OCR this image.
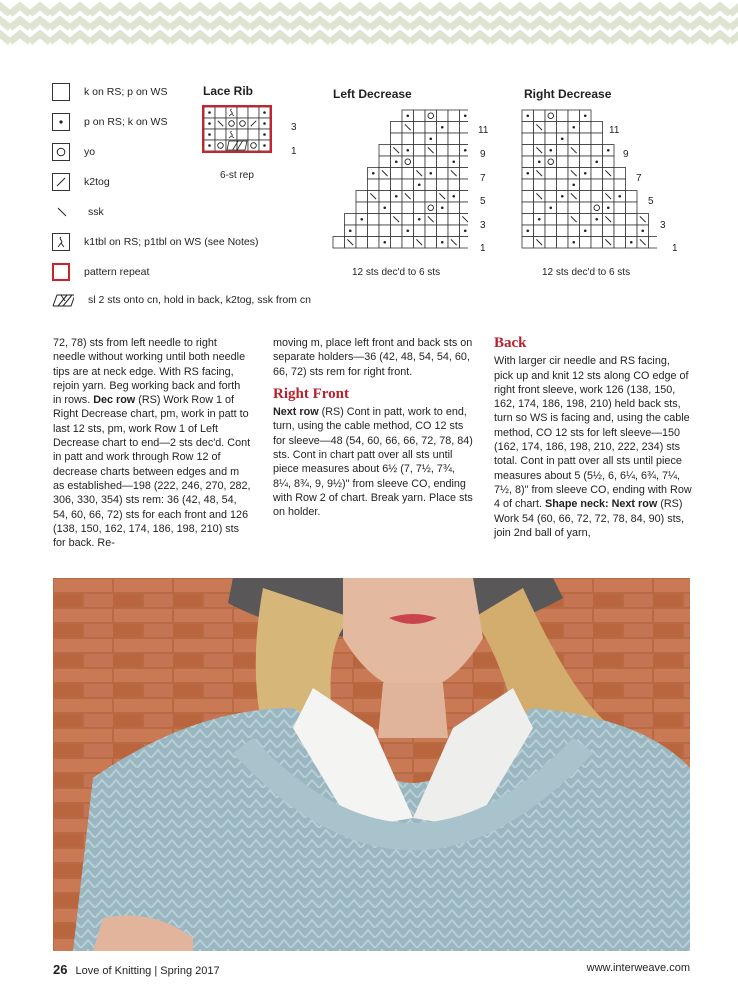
k on RS; p on WS
p on RS; k on WS
yo
k2tog
ssk
k1tbl on RS; p1tbl on WS (see Notes)
pattern repeat
sl 2 sts onto cn, hold in back, k2tog, ssk from cn
Lace Rib
6-st rep
3
1
Left Decrease
12 sts dec'd to 6 sts
11
9
7
5
3
1
Right Decrease
12 sts dec'd to 6 sts
11
9
7
5
3
1

72, 78) sts from left needle to right needle without working until both needle tips are at neck edge. With RS facing, rejoin yarn. Beg working back and forth in rows. Dec row (RS) Work Row 1 of Right Decrease chart, pm, work in patt to last 12 sts, pm, work Row 1 of Left Decrease chart to end—2 sts dec'd. Cont in patt and work through Row 12 of decrease charts between edges and m as established—198 (222, 246, 270, 282, 306, 330, 354) sts rem: 36 (42, 48, 54, 54, 60, 66, 72) sts for each front and 126 (138, 150, 162, 174, 186, 198, 210) sts for back. Re-

moving m, place left front and back sts on separate holders—36 (42, 48, 54, 54, 60, 66, 72) sts rem for right front.

Right Front

Next row (RS) Cont in patt, work to end, turn, using the cable method, CO 12 sts for sleeve—48 (54, 60, 66, 66, 72, 78, 84) sts. Cont in chart patt over all sts until piece measures about 6½ (7, 7½, 7¾, 8¼, 8¾, 9, 9½)" from sleeve CO, ending with Row 2 of chart. Break yarn. Place sts on holder.

Back

With larger cir needle and RS facing, pick up and knit 12 sts along CO edge of right front sleeve, work 126 (138, 150, 162, 174, 186, 198, 210) held back sts, turn so WS is facing and, using the cable method, CO 12 sts for left sleeve—150 (162, 174, 186, 198, 210, 222, 234) sts total. Cont in patt over all sts until piece measures about 5 (5½, 6, 6¼, 6¾, 7¼, 7½, 8)" from sleeve CO, ending with Row 4 of chart. Shape neck: Next row (RS) Work 54 (60, 66, 72, 72, 78, 84, 90) sts, join 2nd ball of yarn,

26 Love of Knitting | Spring 2017	www.interweave.com
